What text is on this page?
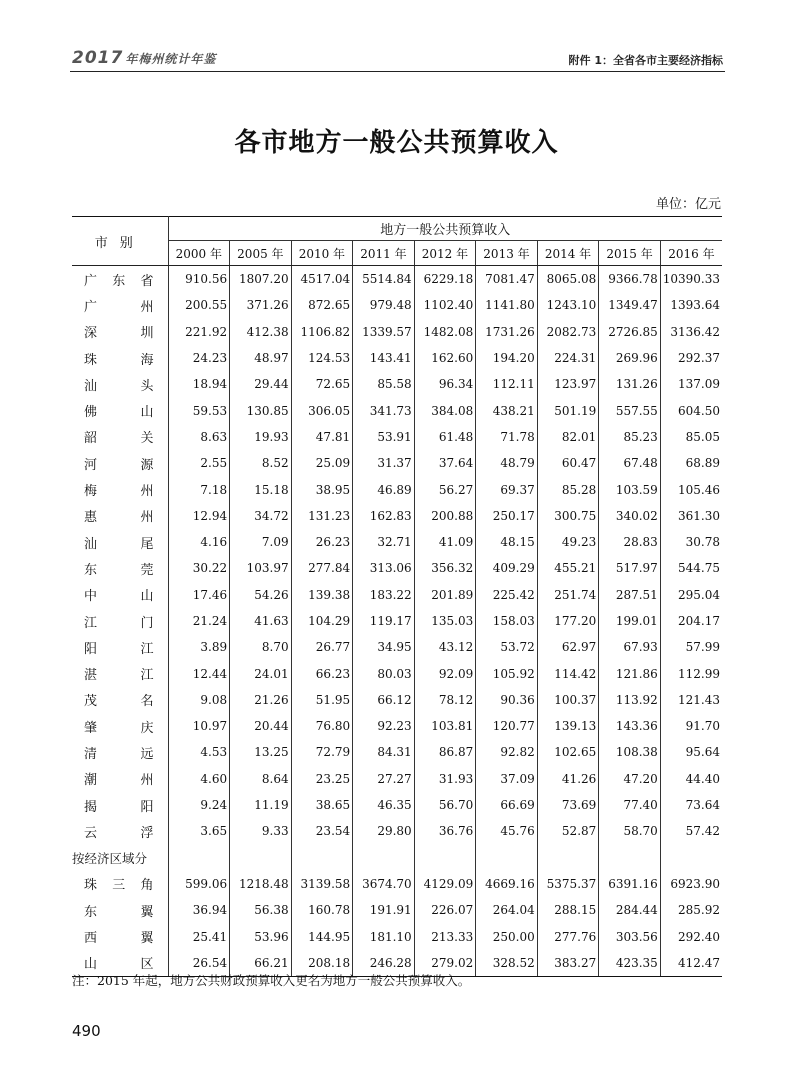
2017 年梅州统计年鉴	附件 1：全省各市主要经济指标
各市地方一般公共预算收入
单位：亿元
市别	地方一般公共预算收入								
	2000 年	2005 年	2010 年	2011 年	2012 年	2013 年	2014 年	2015 年	2016 年
广东省	910.56	1807.20	4517.04	5514.84	6229.18	7081.47	8065.08	9366.78	10390.33
广州	200.55	371.26	872.65	979.48	1102.40	1141.80	1243.10	1349.47	1393.64
深圳	221.92	412.38	1106.82	1339.57	1482.08	1731.26	2082.73	2726.85	3136.42
珠海	24.23	48.97	124.53	143.41	162.60	194.20	224.31	269.96	292.37
汕头	18.94	29.44	72.65	85.58	96.34	112.11	123.97	131.26	137.09
佛山	59.53	130.85	306.05	341.73	384.08	438.21	501.19	557.55	604.50
韶关	8.63	19.93	47.81	53.91	61.48	71.78	82.01	85.23	85.05
河源	2.55	8.52	25.09	31.37	37.64	48.79	60.47	67.48	68.89
梅州	7.18	15.18	38.95	46.89	56.27	69.37	85.28	103.59	105.46
惠州	12.94	34.72	131.23	162.83	200.88	250.17	300.75	340.02	361.30
汕尾	4.16	7.09	26.23	32.71	41.09	48.15	49.23	28.83	30.78
东莞	30.22	103.97	277.84	313.06	356.32	409.29	455.21	517.97	544.75
中山	17.46	54.26	139.38	183.22	201.89	225.42	251.74	287.51	295.04
江门	21.24	41.63	104.29	119.17	135.03	158.03	177.20	199.01	204.17
阳江	3.89	8.70	26.77	34.95	43.12	53.72	62.97	67.93	57.99
湛江	12.44	24.01	66.23	80.03	92.09	105.92	114.42	121.86	112.99
茂名	9.08	21.26	51.95	66.12	78.12	90.36	100.37	113.92	121.43
肇庆	10.97	20.44	76.80	92.23	103.81	120.77	139.13	143.36	91.70
清远	4.53	13.25	72.79	84.31	86.87	92.82	102.65	108.38	95.64
潮州	4.60	8.64	23.25	27.27	31.93	37.09	41.26	47.20	44.40
揭阳	9.24	11.19	38.65	46.35	56.70	66.69	73.69	77.40	73.64
云浮	3.65	9.33	23.54	29.80	36.76	45.76	52.87	58.70	57.42
按经济区域分									
珠三角	599.06	1218.48	3139.58	3674.70	4129.09	4669.16	5375.37	6391.16	6923.90
东翼	36.94	56.38	160.78	191.91	226.07	264.04	288.15	284.44	285.92
西翼	25.41	53.96	144.95	181.10	213.33	250.00	277.76	303.56	292.40
山区	26.54	66.21	208.18	246.28	279.02	328.52	383.27	423.35	412.47
注：2015 年起，地方公共财政预算收入更名为地方一般公共预算收入。
490
